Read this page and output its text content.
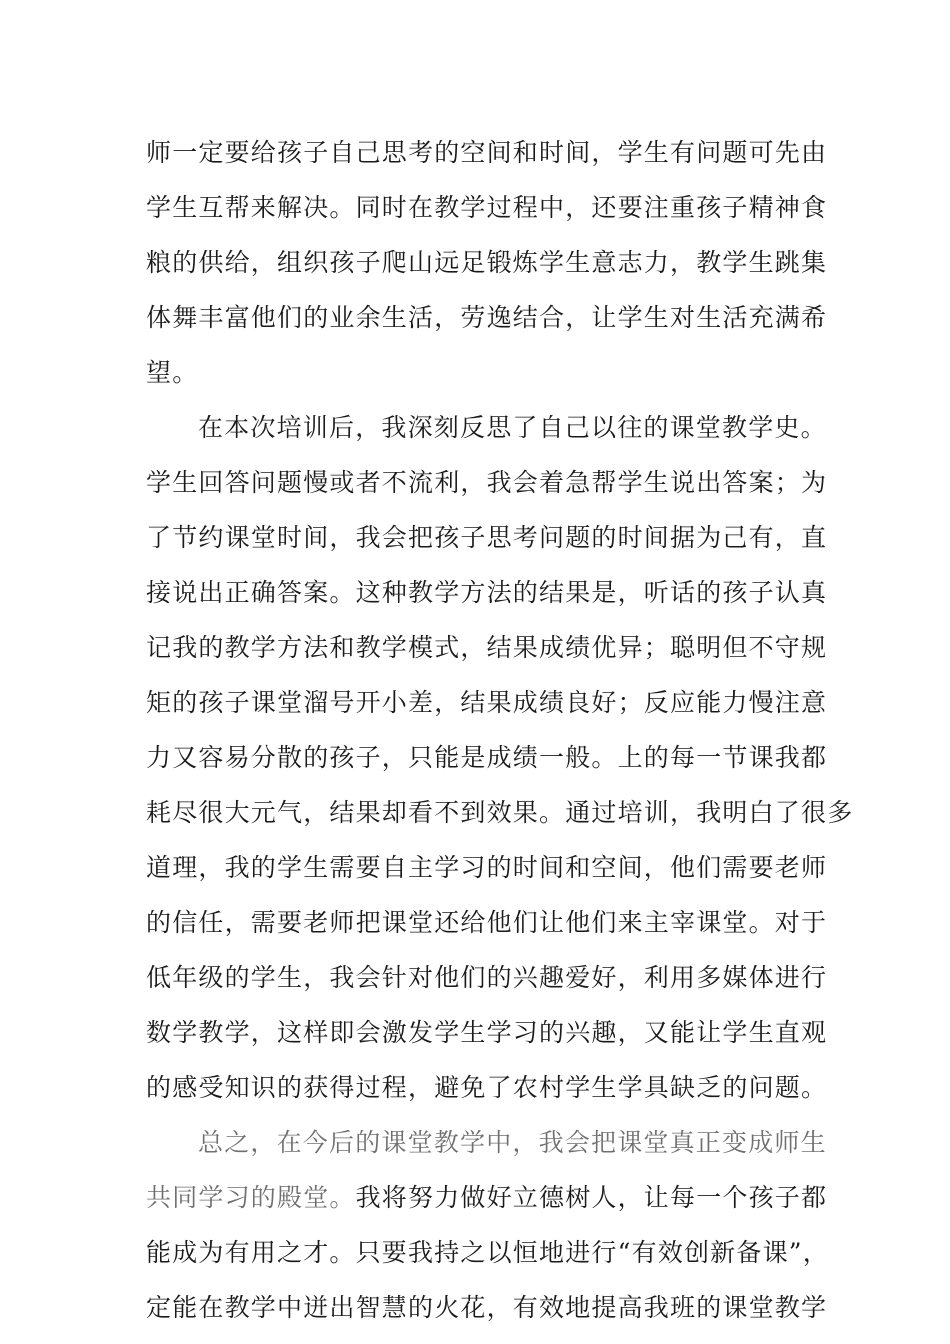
师一定要给孩子自己思考的空间和时间，学生有问题可先由
学生互帮来解决。同时在教学过程中，还要注重孩子精神食
粮的供给，组织孩子爬山远足锻炼学生意志力，教学生跳集
体舞丰富他们的业余生活，劳逸结合，让学生对生活充满希
望。
在本次培训后，我深刻反思了自己以往的课堂教学史。
学生回答问题慢或者不流利，我会着急帮学生说出答案；为
了节约课堂时间，我会把孩子思考问题的时间据为己有，直
接说出正确答案。这种教学方法的结果是，听话的孩子认真
记我的教学方法和教学模式，结果成绩优异；聪明但不守规
矩的孩子课堂溜号开小差，结果成绩良好；反应能力慢注意
力又容易分散的孩子，只能是成绩一般。上的每一节课我都
耗尽很大元气，结果却看不到效果。通过培训，我明白了很多
道理，我的学生需要自主学习的时间和空间，他们需要老师
的信任，需要老师把课堂还给他们让他们来主宰课堂。对于
低年级的学生，我会针对他们的兴趣爱好，利用多媒体进行
数学教学，这样即会激发学生学习的兴趣，又能让学生直观
的感受知识的获得过程，避免了农村学生学具缺乏的问题。
总之，在今后的课堂教学中，我会把课堂真正变成师生
共同学习的殿堂。我将努力做好立德树人，让每一个孩子都
能成为有用之才。只要我持之以恒地进行“有效创新备课”，
定能在教学中迸出智慧的火花，有效地提高我班的课堂教学
